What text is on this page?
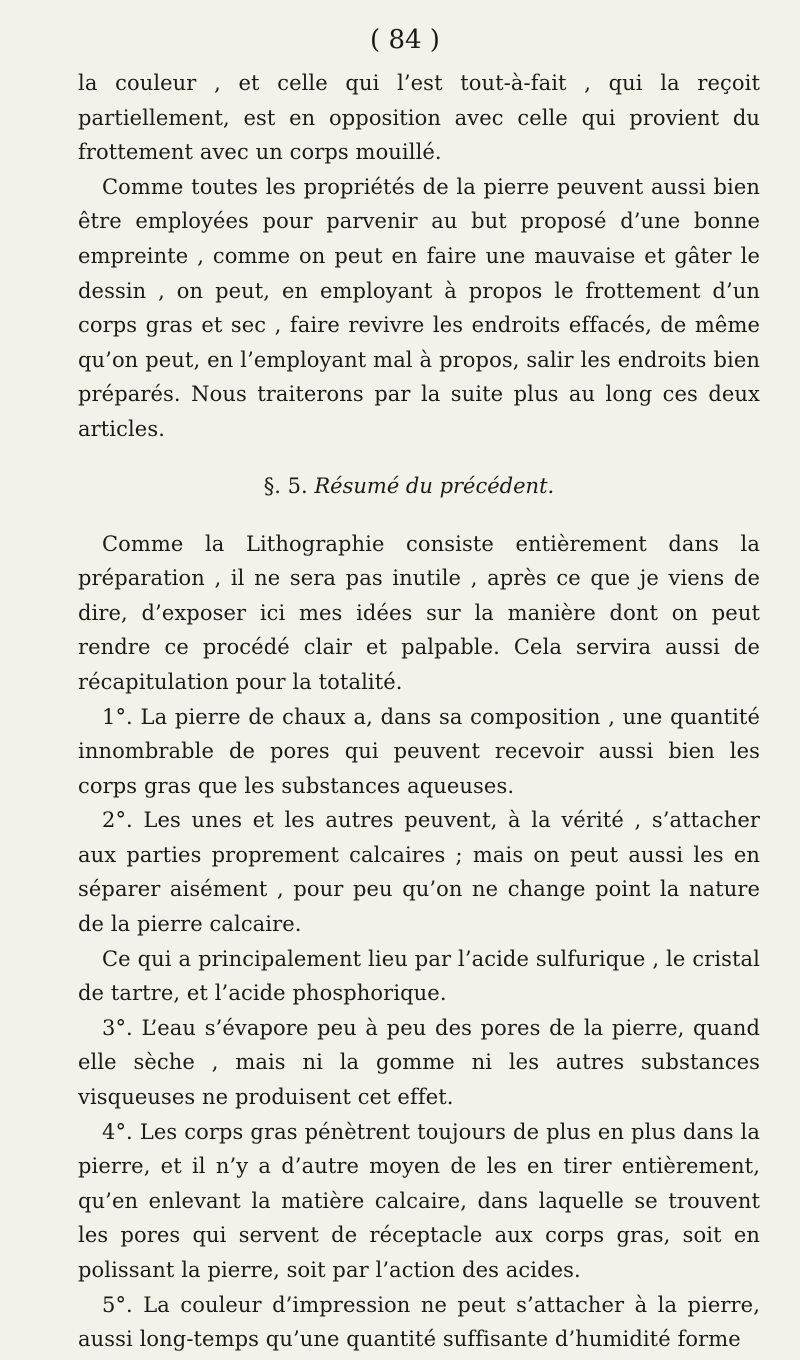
( 84 )

la couleur , et celle qui l’est tout-à-fait , qui la reçoit partiellement, est en opposition avec celle qui provient du frottement avec un corps mouillé.

Comme toutes les propriétés de la pierre peuvent aussi bien être employées pour parvenir au but proposé d’une bonne empreinte , comme on peut en faire une mauvaise et gâter le dessin , on peut, en employant à propos le frottement d’un corps gras et sec , faire revivre les endroits effacés, de même qu’on peut, en l’employant mal à propos, salir les endroits bien préparés. Nous traiterons par la suite plus au long ces deux articles.

§. 5. Résumé du précédent.

Comme la Lithographie consiste entièrement dans la préparation , il ne sera pas inutile , après ce que je viens de dire, d’exposer ici mes idées sur la manière dont on peut rendre ce procédé clair et palpable. Cela servira aussi de récapitulation pour la totalité.

1°. La pierre de chaux a, dans sa composition , une quantité innombrable de pores qui peuvent recevoir aussi bien les corps gras que les substances aqueuses.

2°. Les unes et les autres peuvent, à la vérité , s’attacher aux parties proprement calcaires ; mais on peut aussi les en séparer aisément , pour peu qu’on ne change point la nature de la pierre calcaire.

Ce qui a principalement lieu par l’acide sulfurique , le cristal de tartre, et l’acide phosphorique.

3°. L’eau s’évapore peu à peu des pores de la pierre, quand elle sèche , mais ni la gomme ni les autres substances visqueuses ne produisent cet effet.

4°. Les corps gras pénètrent toujours de plus en plus dans la pierre, et il n’y a d’autre moyen de les en tirer entièrement, qu’en enlevant la matière calcaire, dans laquelle se trouvent les pores qui servent de réceptacle aux corps gras, soit en polissant la pierre, soit par l’action des acides.

5°. La couleur d’impression ne peut s’attacher à la pierre, aussi long-temps qu’une quantité suffisante d’humidité forme
